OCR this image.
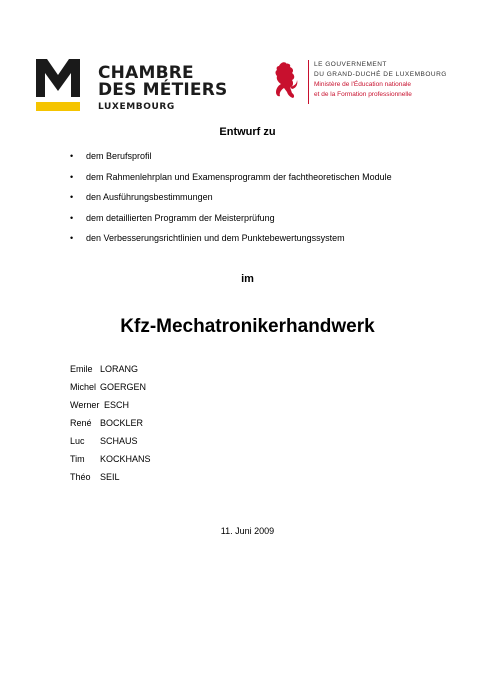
CHAMBRE
DES MÉTIERS
LUXEMBOURG
LE GOUVERNEMENT
DU GRAND-DUCHÉ DE LUXEMBOURG
Ministère de l'Éducation nationale
et de la Formation professionnelle
Entwurf zu
• dem Berufsprofil
• dem Rahmenlehrplan und Examensprogramm der fachtheoretischen Module
• den Ausführungsbestimmungen
• dem detaillierten Programm der Meisterprüfung
• den Verbesserungsrichtlinien und dem Punktebewertungssystem
im
Kfz-Mechatronikerhandwerk
Emile LORANG
Michel GOERGEN
Werner ESCH
René BOCKLER
Luc SCHAUS
Tim KOCKHANS
Théo SEIL
11. Juni 2009
